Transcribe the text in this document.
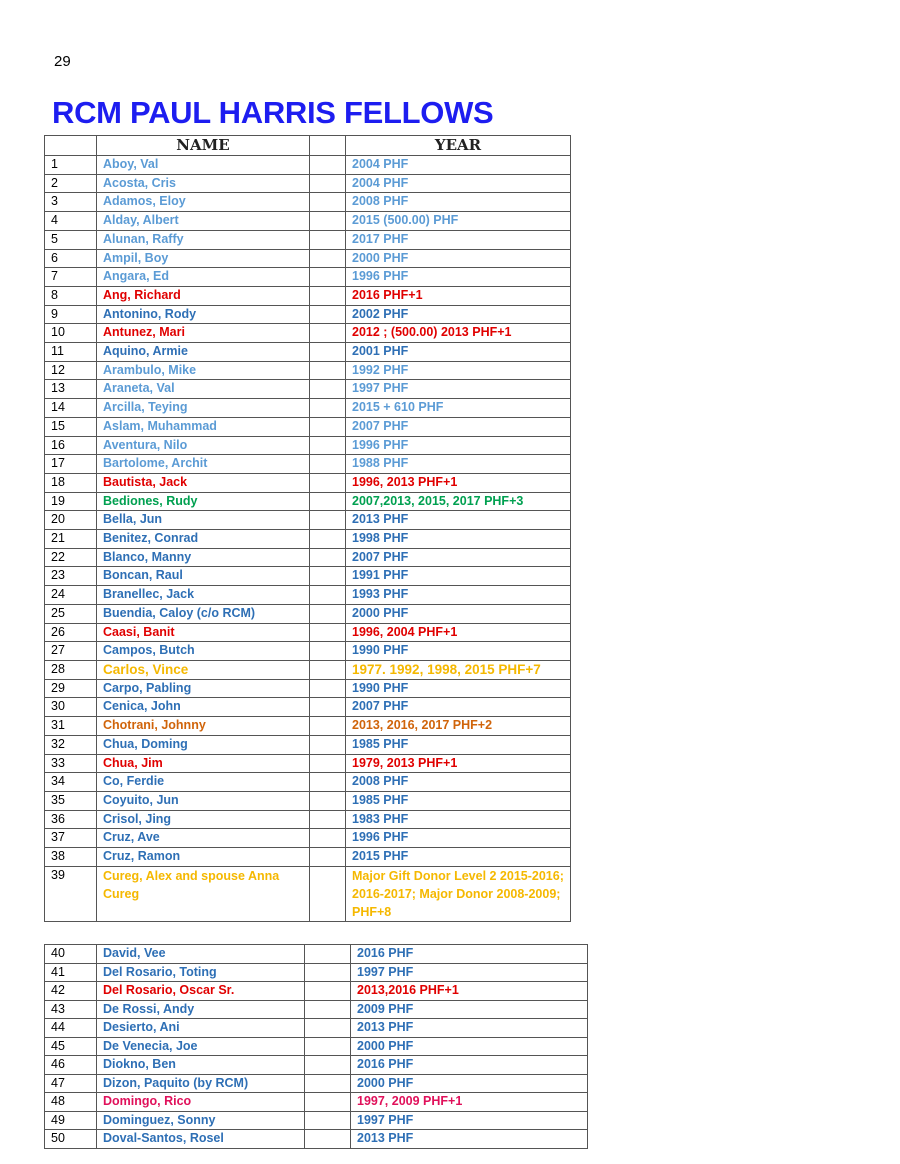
29
RCM PAUL HARRIS FELLOWS
	NAME		YEAR
1	Aboy, Val		2004 PHF
2	Acosta, Cris		2004 PHF
3	Adamos, Eloy		2008 PHF
4	Alday, Albert		2015 (500.00) PHF
5	Alunan, Raffy		2017 PHF
6	Ampil, Boy		2000 PHF
7	Angara, Ed		1996 PHF
8	Ang, Richard		2016 PHF+1
9	Antonino, Rody		2002 PHF
10	Antunez, Mari		2012 ; (500.00) 2013 PHF+1
11	Aquino, Armie		2001 PHF
12	Arambulo, Mike		1992 PHF
13	Araneta, Val		1997 PHF
14	Arcilla, Teying		2015 + 610 PHF
15	Aslam, Muhammad		2007 PHF
16	Aventura, Nilo		1996 PHF
17	Bartolome, Archit		1988 PHF
18	Bautista, Jack		1996, 2013 PHF+1
19	Bediones, Rudy		2007,2013, 2015, 2017 PHF+3
20	Bella, Jun		2013 PHF
21	Benitez, Conrad		1998 PHF
22	Blanco, Manny		2007 PHF
23	Boncan, Raul		1991 PHF
24	Branellec, Jack		1993 PHF
25	Buendia, Caloy (c/o RCM)		2000 PHF
26	Caasi, Banit		1996, 2004 PHF+1
27	Campos, Butch		1990 PHF
28	Carlos, Vince		1977. 1992, 1998, 2015 PHF+7
29	Carpo, Pabling		1990 PHF
30	Cenica, John		2007 PHF
31	Chotrani, Johnny		2013, 2016, 2017 PHF+2
32	Chua, Doming		1985 PHF
33	Chua, Jim		1979, 2013 PHF+1
34	Co, Ferdie		2008 PHF
35	Coyuito, Jun		1985 PHF
36	Crisol, Jing		1983 PHF
37	Cruz, Ave		1996 PHF
38	Cruz, Ramon		2015 PHF
39	Cureg, Alex and spouse Anna Cureg		Major Gift Donor Level 2 2015-2016; 2016-2017; Major Donor 2008-2009; PHF+8
40	David, Vee		2016 PHF
41	Del Rosario, Toting		1997 PHF
42	Del Rosario, Oscar Sr.		2013,2016 PHF+1
43	De Rossi, Andy		2009 PHF
44	Desierto, Ani		2013 PHF
45	De Venecia, Joe		2000 PHF
46	Diokno, Ben		2016 PHF
47	Dizon, Paquito (by RCM)		2000 PHF
48	Domingo, Rico		1997, 2009 PHF+1
49	Dominguez, Sonny		1997 PHF
50	Doval-Santos, Rosel		2013 PHF
